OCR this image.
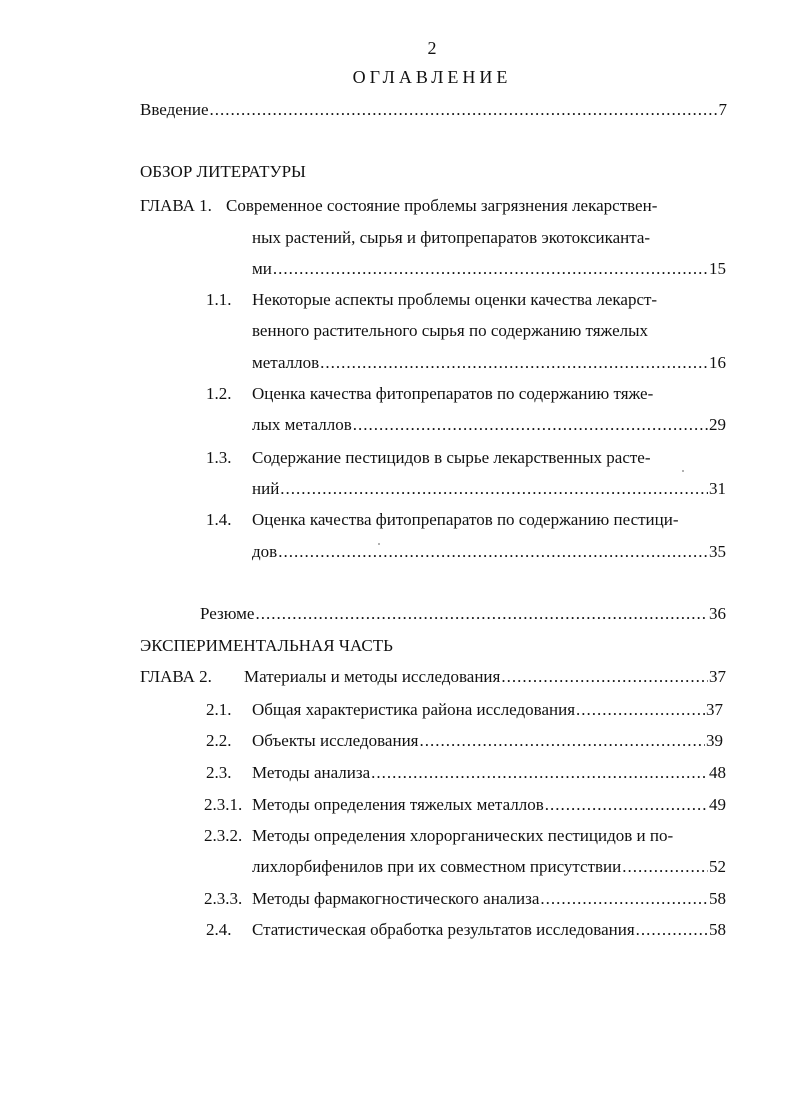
2
ОГЛАВЛЕНИЕ
Введение .....	7
ОБЗОР ЛИТЕРАТУРЫ
ГЛАВА 1. Современное состояние проблемы загрязнения лекарствен-
ных растений, сырья и фитопрепаратов экотоксиканта-
ми .....	15
1.1. Некоторые аспекты проблемы оценки качества лекарст-
венного растительного сырья по содержанию тяжелых
металлов .....	16
1.2. Оценка качества фитопрепаратов по содержанию тяже-
лых металлов .....	29
1.3. Содержание пестицидов в сырье лекарственных расте-
ний .....	31
1.4. Оценка качества фитопрепаратов по содержанию пестици-
дов .....	35
Резюме .....	36
ЭКСПЕРИМЕНТАЛЬНАЯ ЧАСТЬ
ГЛАВА 2. Материалы и методы исследования .....	37
2.1. Общая характеристика района исследования .....	37
2.2. Объекты исследования .....	39
2.3. Методы анализа .....	48
2.3.1. Методы определения тяжелых металлов .....	49
2.3.2. Методы определения хлорорганических пестицидов и по-
лихлорбифенилов при их совместном присутствии .....	52
2.3.3. Методы фармакогностического анализа .....	58
2.4. Статистическая обработка результатов исследования .....	58
